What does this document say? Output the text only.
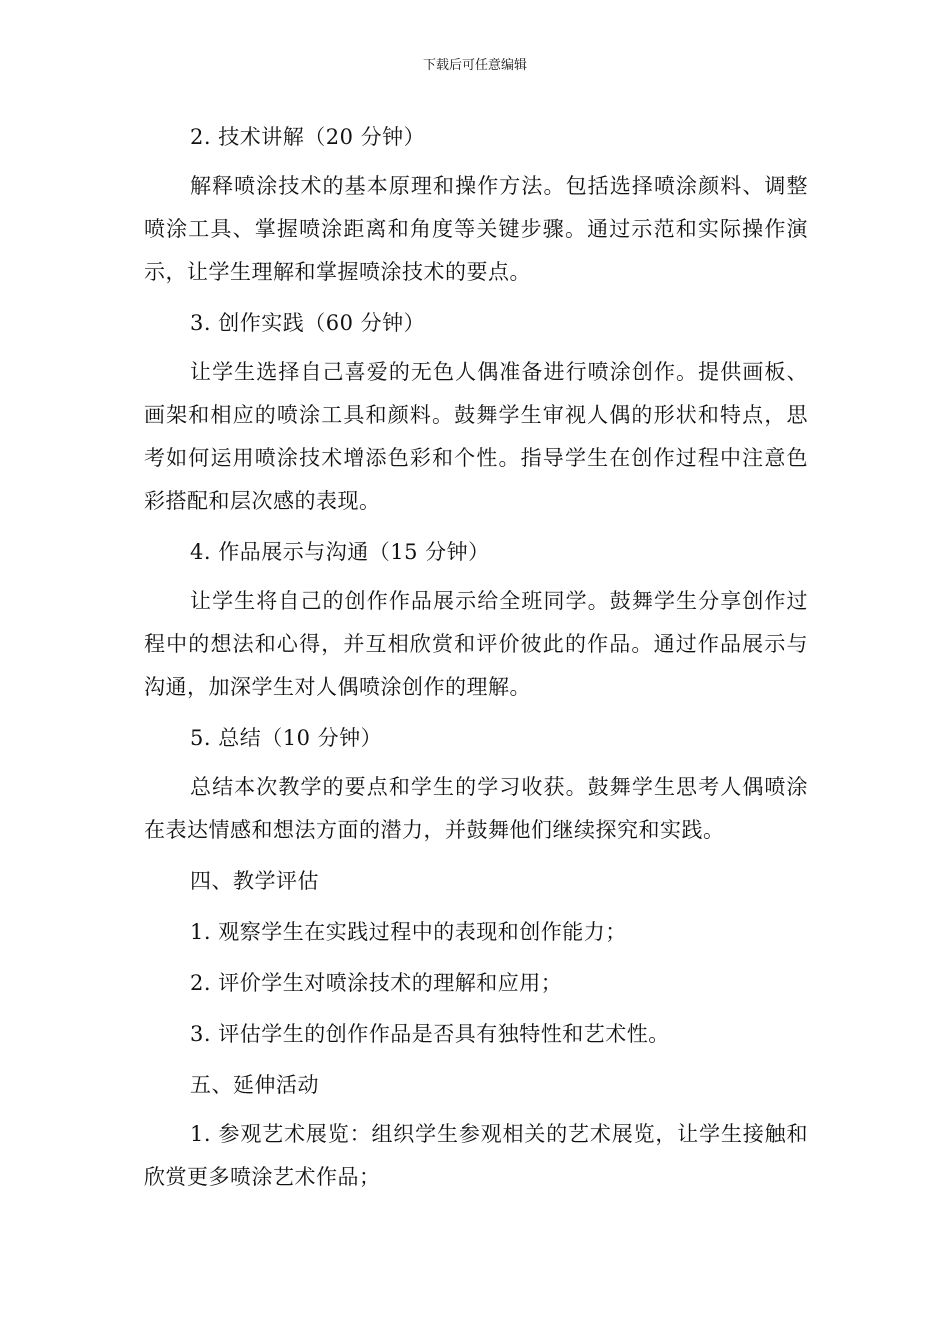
下载后可任意编辑

2. 技术讲解（20 分钟）

解释喷涂技术的基本原理和操作方法。包括选择喷涂颜料、调整喷涂工具、掌握喷涂距离和角度等关键步骤。通过示范和实际操作演示，让学生理解和掌握喷涂技术的要点。

3. 创作实践（60 分钟）

让学生选择自己喜爱的无色人偶准备进行喷涂创作。提供画板、画架和相应的喷涂工具和颜料。鼓舞学生审视人偶的形状和特点，思考如何运用喷涂技术增添色彩和个性。指导学生在创作过程中注意色彩搭配和层次感的表现。

4. 作品展示与沟通（15 分钟）

让学生将自己的创作作品展示给全班同学。鼓舞学生分享创作过程中的想法和心得，并互相欣赏和评价彼此的作品。通过作品展示与沟通，加深学生对人偶喷涂创作的理解。

5. 总结（10 分钟）

总结本次教学的要点和学生的学习收获。鼓舞学生思考人偶喷涂在表达情感和想法方面的潜力，并鼓舞他们继续探究和实践。

四、教学评估

1. 观察学生在实践过程中的表现和创作能力；

2. 评价学生对喷涂技术的理解和应用；

3. 评估学生的创作作品是否具有独特性和艺术性。

五、延伸活动

1. 参观艺术展览：组织学生参观相关的艺术展览，让学生接触和欣赏更多喷涂艺术作品；
